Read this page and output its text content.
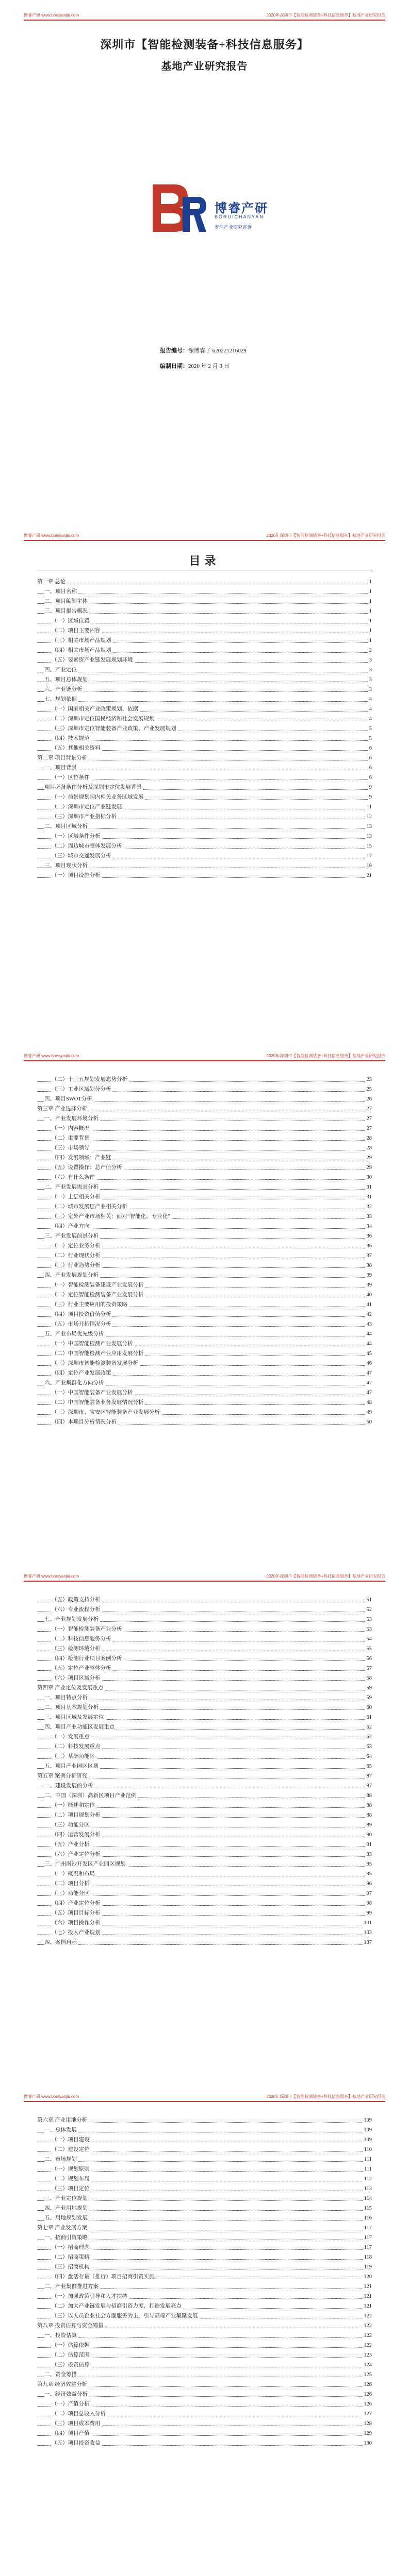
博睿产研 www.borsyanjiu.com	2020年深圳市【智能检测装备+科技信息服务】基地产业研究报告
深圳市【智能检测装备+科技信息服务】
基地产业研究报告
博睿产研
BORUICHANYAN
专注产业研究咨询
报告编号：深博睿子 620221216029
编制日期：2020 年 2 月 3 日
博睿产研 www.borsyanjiu.com	2020年深圳市【智能检测装备+科技信息服务】基地产业研究报告
目录
第一章 总论	1
一、项目名称	1
二、项目编制主体	1
三、项目报告概况	1
（一）区域位置	1
（二）项目主要内容	1
（三）相关市场产品规划	1
（四）相关市场产品规划	2
（五）要素资产业链发展规划环境	3
四、产业定位	3
五、项目总体规划	3
六、产业链分析	3
七、规划依据	4
（一）国家相关产业政策规划、依据	4
（二）深圳市定位国民经济和社会发展规划	4
（三）深圳市定位智能装备产业政策、产业发展规划	5
（四）技术规范	5
（五）其他相关资料	6
第二章 项目背景分析	6
一、项目背景	6
（一）区位条件	6
项目必备条件分析及深圳市定位发展背景	9
（一）前景规划国内相关业务区域发展	9
（二）深圳市定位产业链发展	11
（三）深圳市产业指标分析	12
二、项目区域分析	13
（一）区域条件分析	13
（二）周边城市整体发展分析	15
（三）城市交通发展分析	17
三、项目现状分析	18
（一）项目设施分析	21
博睿产研 www.borsyanjiu.com	2020年深圳市【智能检测装备+科技信息服务】基地产业研究报告
（二）十三五规划发展态势分析	23
（三）工业区域划分分析	25
四、项目SWOT分析	26
第三章 产业选择分析	27
一、产业发展环境分析	27
（一）内容概况	27
（二）重要背景	28
（三）市场领导	28
（四）发展领域：产业链	29
（五）设置操作：总产值分析	29
（六）有什么条件	30
二、产业发展需求分析	31
（一）上层相关分析	31
（二）城市发展层产业相关分析	32
（三）室外产业市场相关：面对“智能化、专业化”	33
（四）产业方向	34
三、产业发展前景分析	36
（一）定位业务分析	36
（二）行业现状分析	37
（三）行业趋势分析	38
四、产业发展规划分析	39
（一）智能检测装备建设产业发展分析	39
（二）定位智能检测装备产业发展分析	40
（三）行业主要应用的投资策略	41
（四）项目投资价值分析	42
（五）市场开拓情况分析	43
五、产业布局优先级分析	44
（一）中国智能检测产业发展分析	44
（二）中国智能检测产业应用发展分析	45
（三）深圳市智能检测装备发展分析	46
（四）定位产业发展政策	47
六、产业集群化方向分析	47
（一）中国智能装备产业发展分析	47
（二）中国智能装备业务发展情况分析	48
（三）深圳市、宝安区智能装备产业发展分析	49
（四）本项目分析情况分析	50
博睿产研 www.borsyanjiu.com	2020年深圳市【智能检测装备+科技信息服务】基地产业研究报告
（五）政策支持分析	51
（六）专业流程分析	52
七、产业规划发展分析	53
（一）智能检测装备产业分析	53
（二）科技信息服务分析	54
（三）检测环境分析	55
（四）检测行业项目案例分析	56
（五）定位产业整体分析	57
（六）项目区域分析	58
第四章 产业定位及发展重点	59
一、项目特点分析	59
二、项目基本规划分析	60
三、项目区域及发展定位	61
四、项目产业功能区发展重点	62
（一）发展重点	62
（二）科技发展重点	63
（三）基础功能区	64
五、项目产业园区区划	65
第五章 案例分析研究	87
一、建设发展的分析	87
二、中国（深圳）高新区项目产业范例	88
（一）概述和定位	88
（二）项目规划分析	88
（三）功能分区	89
（四）运营发展分析	90
（五）产业分析	91
（六）产业定位分析	93
三、广州南沙开发区产业园区规划	95
（一）概况和布局	95
（二）项目分析	96
（三）功能分区	97
（四）产业定位分析	98
（五）项目目标分析	99
（六）项目操作分析	101
（七）投入产业规划	103
四、案例启示	107
博睿产研 www.borsyanjiu.com	2020年深圳市【智能检测装备+科技信息服务】基地产业研究报告
第六章 产业用地分析	109
一、总体发展	109
（一）项目建设	109
（二）建设定位	110
二、市场规划	111
（一）规划原则	111
（二）规划布局	112
（三）项目定位	113
三、产业定位规划	114
四、产业用地规划	115
五、用地规划发展	116
第七章 产业发展方案	117
一、招商引资策略	117
（一）招商理念	117
（二）招商策略	118
（三）招商机构	119
（四）盘活存量（推行）项目招商引资实施	120
二、产业集群推进方案	121
（一）加强政策引导和人才扶持	121
（二）加大产业链发展与招商引资力度，打造发展亮点	121
（三）以人员企业社会方面服务为主，引导高端产业集聚发展	122
第八章 投资估算与资金筹措	122
一、投资估算	122
（一）估算依据	122
（二）估算范围	123
（三）投资估算	124
二、资金筹措	125
第九章 经济效益分析	126
一、经济效益分析	126
（一）产值分析	126
（二）项目总收入分析	127
（三）项目成本费用	128
（四）项目产值	129
（五）项目投资收益	130
